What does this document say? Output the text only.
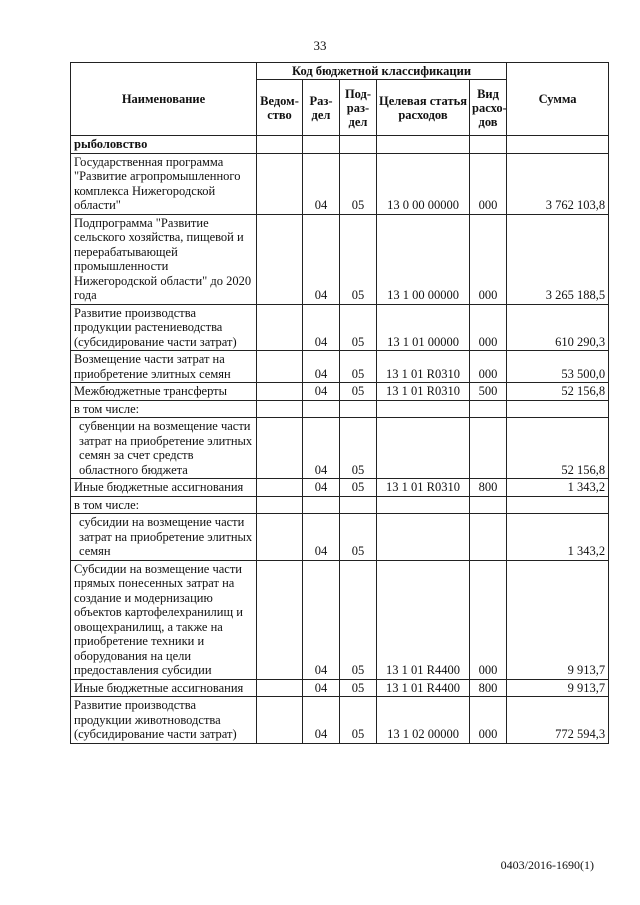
33
Наименование	Код бюджетной классификации					Сумма
	Ведом-ство	Раз-дел	Под-раз-дел	Целевая статья расходов	Вид расхо-дов	
рыболовство						
Государственная программа "Развитие агропромышленного комплекса Нижегородской области"		04	05	13 0 00 00000	000	3 762 103,8
Подпрограмма "Развитие сельского хозяйства, пищевой и перерабатывающей промышленности Нижегородской области" до 2020 года		04	05	13 1 00 00000	000	3 265 188,5
Развитие производства продукции растениеводства (субсидирование части затрат)		04	05	13 1 01 00000	000	610 290,3
Возмещение части затрат на приобретение элитных семян		04	05	13 1 01 R0310	000	53 500,0
Межбюджетные трансферты		04	05	13 1 01 R0310	500	52 156,8
в том числе:						
субвенции на возмещение части затрат на приобретение элитных семян за счет средств областного бюджета		04	05			52 156,8
Иные бюджетные ассигнования		04	05	13 1 01 R0310	800	1 343,2
в том числе:						
субсидии на возмещение части затрат на приобретение элитных семян		04	05			1 343,2
Субсидии на возмещение части прямых понесенных затрат на создание и модернизацию объектов картофелехранилищ и овощехранилищ, а также на приобретение техники и оборудования на цели предоставления субсидии		04	05	13 1 01 R4400	000	9 913,7
Иные бюджетные ассигнования		04	05	13 1 01 R4400	800	9 913,7
Развитие производства продукции животноводства (субсидирование части затрат)		04	05	13 1 02 00000	000	772 594,3
0403/2016-1690(1)
